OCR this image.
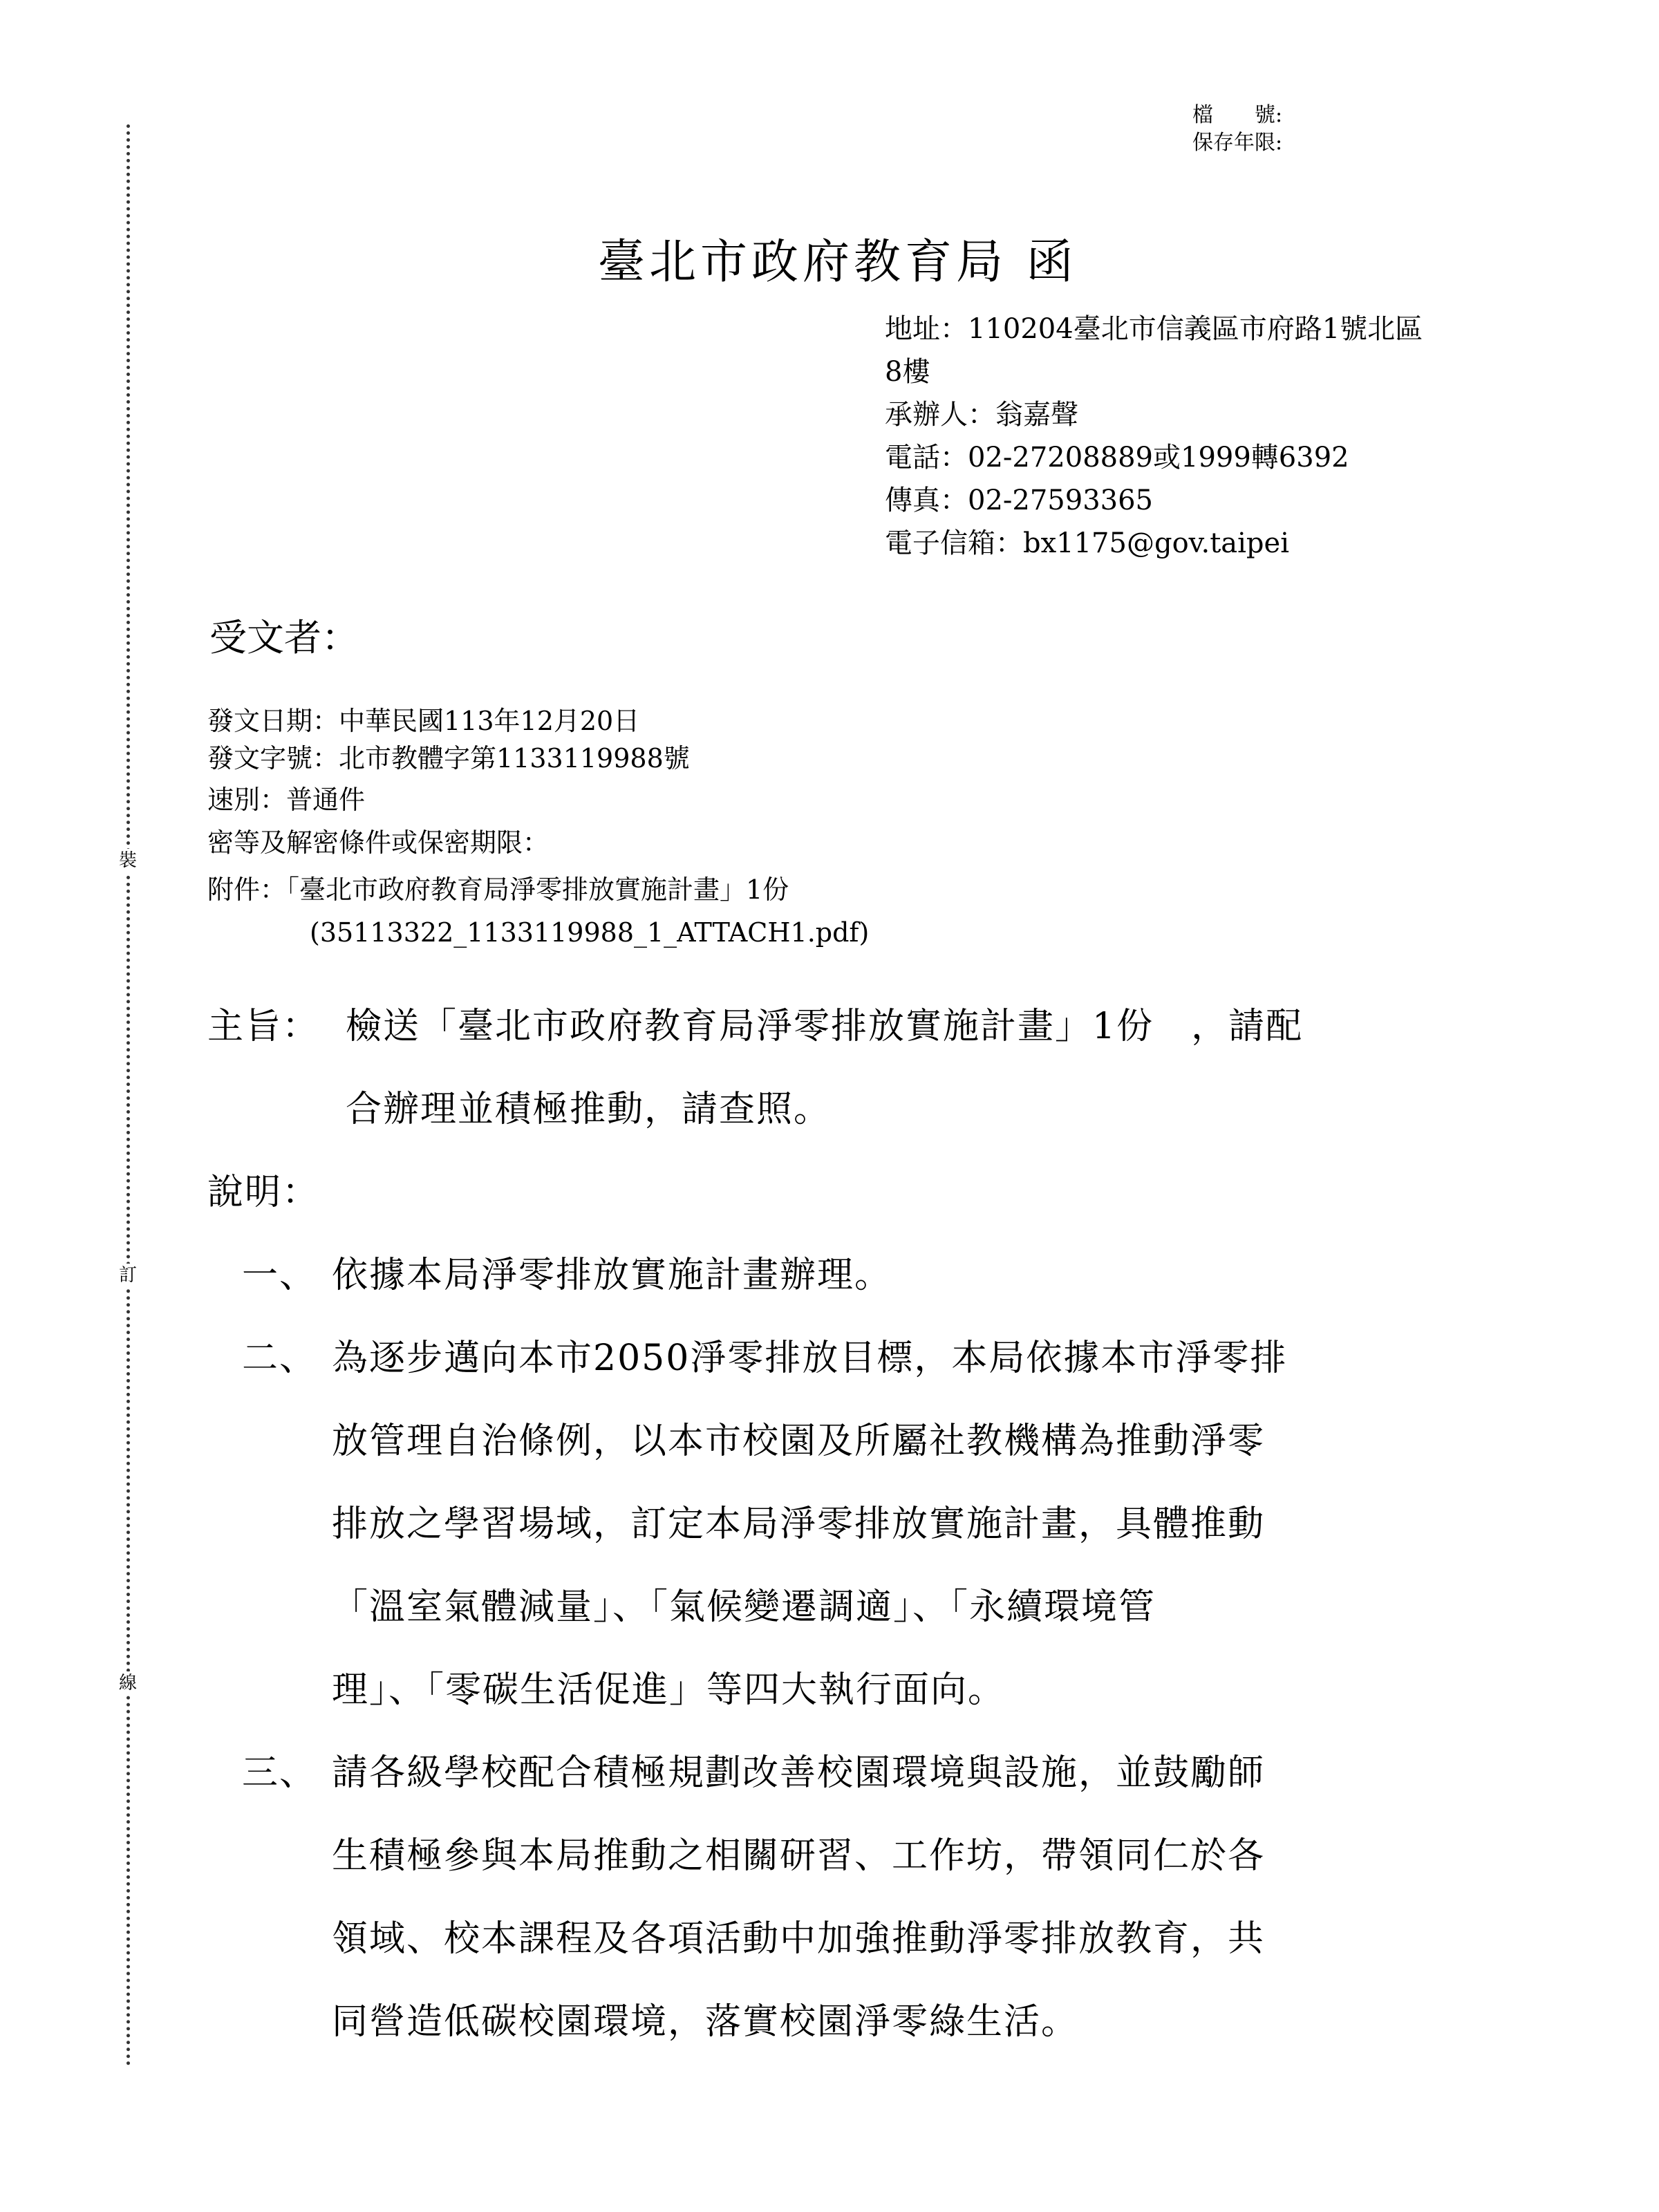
裝
訂
線
檔　　號:
保存年限:
臺北市政府教育局 函
地址：110204臺北市信義區市府路1號北區
8樓
承辦人：翁嘉聲
電話：02-27208889或1999轉6392
傳真：02-27593365
電子信箱：bx1175@gov.taipei
受文者：
發文日期：中華民國113年12月20日
發文字號：北市教體字第1133119988號
速別：普通件
密等及解密條件或保密期限：
附件：「臺北市政府教育局淨零排放實施計畫」1份
(35113322_1133119988_1_ATTACH1.pdf)
主旨： 檢送「臺北市政府教育局淨零排放實施計畫」1份　，請配
合辦理並積極推動，請查照。
說明：
一、 依據本局淨零排放實施計畫辦理。
二、 為逐步邁向本市2050淨零排放目標，本局依據本市淨零排
放管理自治條例，以本市校園及所屬社教機構為推動淨零
排放之學習場域，訂定本局淨零排放實施計畫，具體推動
「溫室氣體減量」、「氣候變遷調適」、「永續環境管
理」、「零碳生活促進」等四大執行面向。
三、 請各級學校配合積極規劃改善校園環境與設施，並鼓勵師
生積極參與本局推動之相關研習、工作坊，帶領同仁於各
領域、校本課程及各項活動中加強推動淨零排放教育，共
同營造低碳校園環境，落實校園淨零綠生活。
